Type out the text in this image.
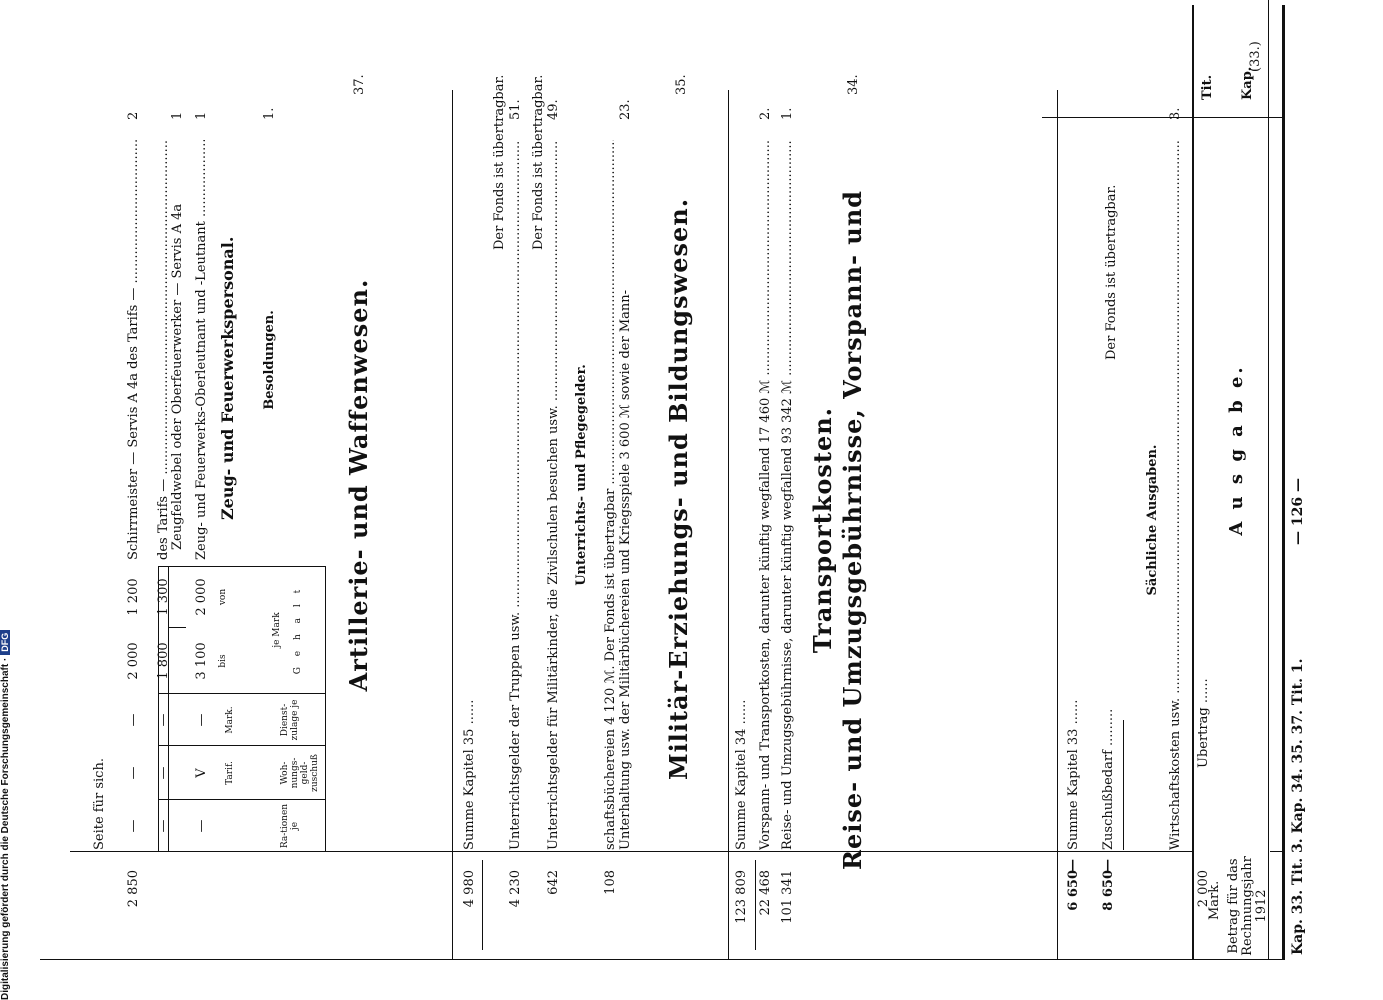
Kap. 33. Tit. 3. Kap. 34. 35. 37. Tit. 1.
— 126 —
Kap.
Tit.
Betrag für das Rechnungsjahr 1912
Mark.
A u s g a b e.
(33.)
Übertrag .....
2 000
Sächliche Ausgaben.
3.
Wirtschaftskosten usw. .....
Der Fonds ist übertragbar.
Zuschußbedarf .....
8 650
—
Summe Kapitel 33 .....
6 650
—
34.
Reise- und Umzugsgebührnisse, Vorspann- und
Transportkosten.
1.
Reise- und Umzugsgebührnisse, darunter künftig wegfallend 93 342 ℳ .....
101 341
2.
Vorspann- und Transportkosten, darunter künftig wegfallend 17 460 ℳ .....
22 468
Summe Kapitel 34 .....
123 809
35.
Militär-Erziehungs- und Bildungswesen.
23.
Unterhaltung usw. der Militärbüchereien und Kriegsspiele 3 600 ℳ sowie der Mann-
schaftsbüchereien 4 120 ℳ. Der Fonds ist übertragbar .....
108
Unterrichts- und Pflegegelder.
49.
Unterrichtsgelder für Militärkinder, die Zivilschulen besuchen usw. .....
642
Der Fonds ist übertragbar.
51.
Unterrichtsgelder der Truppen usw. .....
4 230
Der Fonds ist übertragbar.
Summe Kapitel 35 .....
4 980
37.
Artillerie- und Waffenwesen.
1.
Besoldungen.
Zeug- und Feuerwerkspersonal.
G e h a l t
je Mark
von
bis
Dienst-zulage je
Mark.
Woh-nungs-geld-zuschuß
Tarif.
Ra-tionen je
1
Zeug- und Feuerwerks-Oberleutnant und -Leutnant .....
2 000
3 100
—
V
—
1
Zeugfeldwebel oder Oberfeuerwerker — Servis A 4a
des Tarifs — .....
1 300
1 800
—
—
—
2
Schirrmeister — Servis A 4a des Tarifs — .....
1 200
2 000
—
—
—
2 850
Seite für sich.
Digitalisierung gefördert durch die Deutsche Forschungsgemeinschaft ·DFG
